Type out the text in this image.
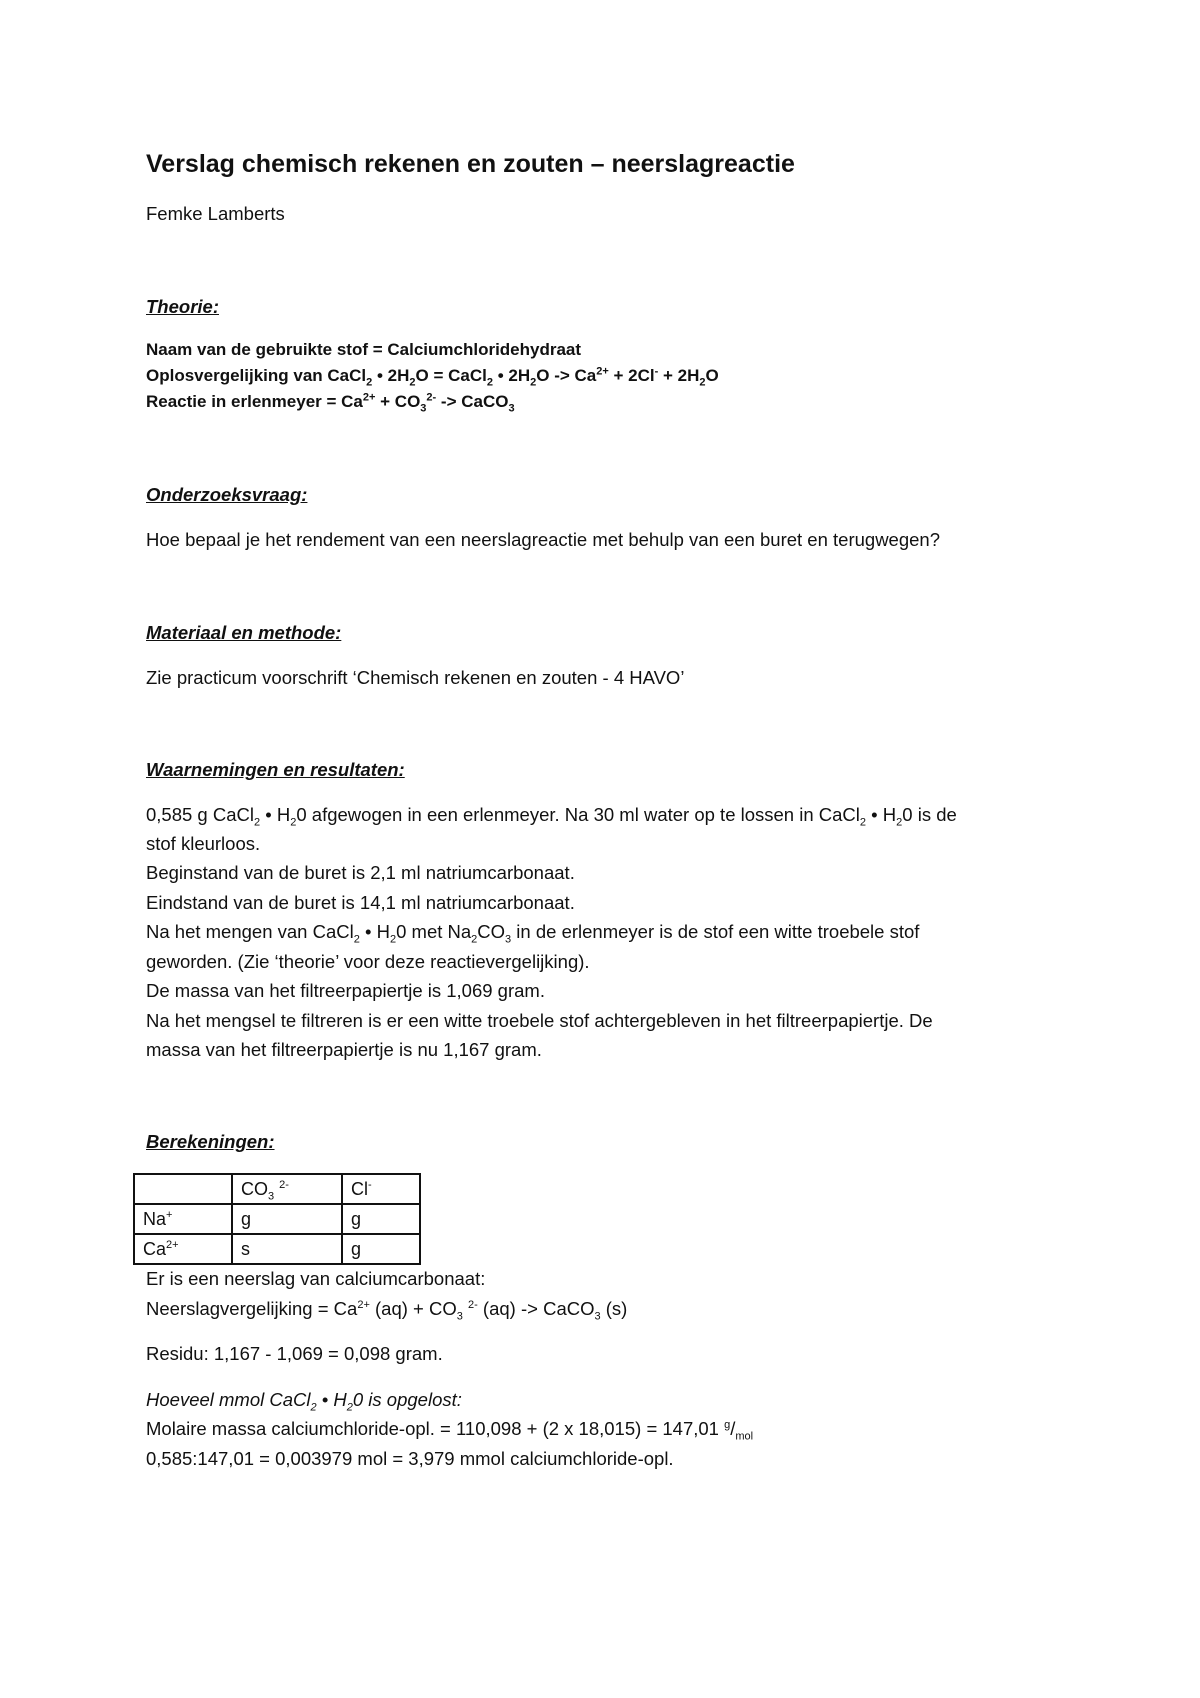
Verslag chemisch rekenen en zouten – neerslagreactie
Femke Lamberts
Theorie:
Naam van de gebruikte stof = Calciumchloridehydraat
Oplosvergelijking van CaCl$_2$ • $2H_2O$ = CaCl$_2$ • $2H_2O -> Ca^{2+} + 2Cl^- + 2H_2O$
Reactie in erlenmeyer = $Ca^{2+} + CO_3^{2-}$ -> CaCO$_3$
Onderzoeksvraag:
Hoe bepaal je het rendement van een neerslagreactie met behulp van een buret en terugwegen?
Materiaal en methode:
Zie practicum voorschrift ‘Chemisch rekenen en zouten - 4 HAVO’
Waarnemingen en resultaten:
0,585 g CaCl$_2$ • $H_20$ afgewogen in een erlenmeyer. Na 30 ml water op te lossen in CaCl$_2$ • $H_20$ is de
stof kleurloos.
Beginstand van de buret is 2,1 ml natriumcarbonaat.
Eindstand van de buret is 14,1 ml natriumcarbonaat.
Na het mengen van CaCl$_2$ • $H_20$ met $Na_2CO_3$ in de erlenmeyer is de stof een witte troebele stof
geworden. (Zie ‘theorie’ voor deze reactievergelijking).
De massa van het filtreerpapiertje is 1,069 gram.
Na het mengsel te filtreren is er een witte troebele stof achtergebleven in het filtreerpapiertje. De
massa van het filtreerpapiertje is nu 1,167 gram.
Berekeningen:
	$CO_3$ $^{2-}$	Cl-
Na+	g	g
$Ca^{2+}$	s	g
Er is een neerslag van calciumcarbonaat:
Neerslagvergelijking = $Ca^{2+}$ $(aq) + CO_3$ $^{2-}$ (aq) -> CaCO$_3$ (s)
Residu: 1,167 - 1,069 = 0,098 gram.
Hoeveel mmol CaCl$_2$ • $H_20$ is opgelost:
Molaire massa calciumchloride-opl. = 110,098 + (2 x 18,015) = 147,01 $^g/_{mol}$
0,585:147,01 = 0,003979 mol = 3,979 mmol calciumchloride-opl.
